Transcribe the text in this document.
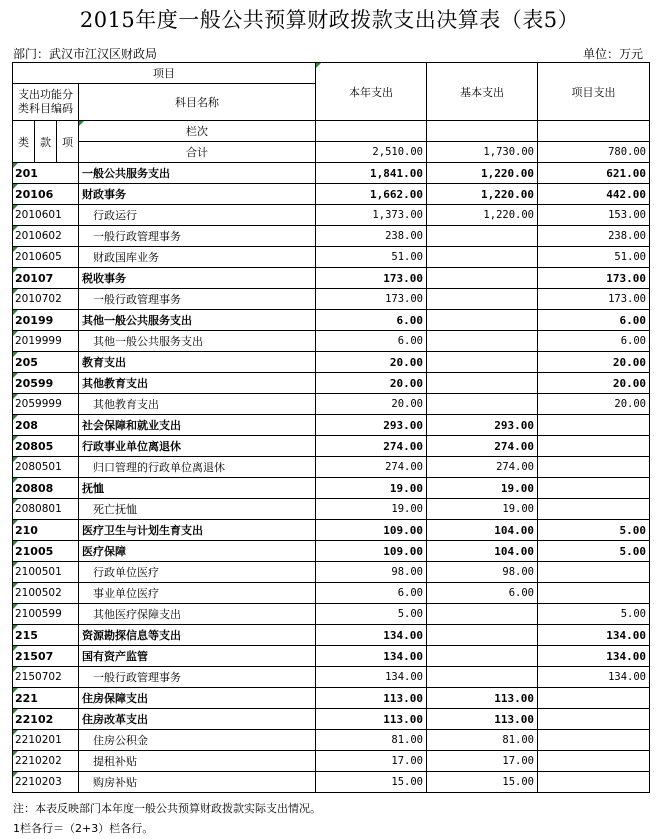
2015年度一般公共预算财政拨款支出决算表（表5）
部门：武汉市江汉区财政局	单位：万元
项目				本年支出	基本支出	项目支出	

支出功能分
类科目编码			科目名称				

类	款	项					
			栏次			
			合计	2,510.00	1,730.00	780.00	
201			一般公共服务支出	1,841.00	1,220.00	621.00	
20106			财政事务	1,662.00	1,220.00	442.00	
2010601			行政运行	1,373.00	1,220.00	153.00	
2010602			一般行政管理事务	238.00		238.00	
2010605			财政国库业务	51.00		51.00	
20107			税收事务	173.00		173.00	
2010702			一般行政管理事务	173.00		173.00	
20199			其他一般公共服务支出	6.00		6.00	
2019999			其他一般公共服务支出	6.00		6.00	
205			教育支出	20.00		20.00	
20599			其他教育支出	20.00		20.00	
2059999			其他教育支出	20.00		20.00	
208			社会保障和就业支出	293.00	293.00		
20805			行政事业单位离退休	274.00	274.00		
2080501			归口管理的行政单位离退休	274.00	274.00		
20808			抚恤	19.00	19.00		
2080801			死亡抚恤	19.00	19.00		
210			医疗卫生与计划生育支出	109.00	104.00	5.00	
21005			医疗保障	109.00	104.00	5.00	
2100501			行政单位医疗	98.00	98.00		
2100502			事业单位医疗	6.00	6.00		
2100599			其他医疗保障支出	5.00		5.00	
215			资源勘探信息等支出	134.00		134.00	
21507			国有资产监管	134.00		134.00	
2150702			一般行政管理事务	134.00		134.00	
221			住房保障支出	113.00	113.00		
22102			住房改革支出	113.00	113.00		
2210201			住房公积金	81.00	81.00		
2210202			提租补贴	17.00	17.00		
2210203			购房补贴	15.00	15.00		
注：本表反映部门本年度一般公共预算财政拨款实际支出情况。
1栏各行＝（2+3）栏各行。
